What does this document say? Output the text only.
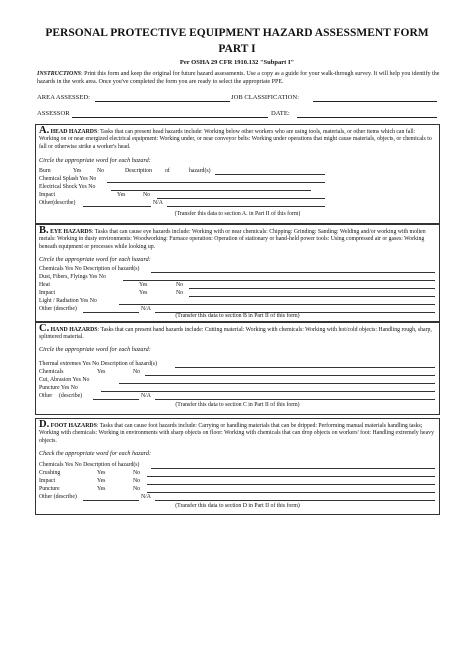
PERSONAL PROTECTIVE EQUIPMENT HAZARD ASSESSMENT FORM
PART I
Per OSHA 29 CFR 1910.132 "Subpart I"
INSTRUCTIONS: Print this form and keep the original for future hazard assessments. Use a copy as a guide for your walk-through survey. It will help you identify the hazards in the work area. Once you've completed the form you are ready to select the appropriate PPE.
AREA ASSESSED:	JOB CLASSIFICATION:
ASSESSOR	DATE:
A. HEAD HAZARDS: Tasks that can present head hazards include: Working below other workers who are using tools, materials, or other items which can fall: Working on or near energized electrical equipment: Working under, or near conveyor belts: Working under operations that might cause materials, objects, or chemicals to fall or otherwise strike a worker's head.
Circle the appropriate word for each hazard:
Burn	Yes	No	Description of	hazard(s)
Chemical Splash Yes No
Electrical Shock Yes No
Impact	Yes	No
Other(describe)	N/A
(Transfer this data to section A. in Part II of this form)
B. EYE HAZARDS: Tasks that can cause eye hazards include: Working with or near chemicals: Chipping: Grinding: Sanding: Welding and/or working with molten metals: Working in dusty environments: Woodworking: Furnace operation: Operation of stationary or hand-held power tools: Using compressed air or gases: Working beneath equipment or processes while looking up.
Circle the appropriate word for each hazard:
Chemicals Yes No Description of hazard(s)
Dust, Fibers, Flyings Yes No
Heat	Yes	No
Impact	Yes	No
Light / Radiation Yes No
Other (describe)	N/A
(Transfer this data to section B in Part II of this form)
C. HAND HAZARDS: Tasks that can present hand hazards include: Cutting material: Working with chemicals: Working with hot/cold objects: Handling rough, sharp, splintered material.
Circle the appropriate word for each hazard:
Thermal extremes Yes No Description of hazard(s)
Chemicals	Yes	No
Cut, Abrasion Yes No
Puncture Yes No
Other (describe)	N/A
(Transfer this data to section C in Part II of this form)
D. FOOT HAZARDS: Tasks that can cause foot hazards include: Carrying or handling materials that can be dripped: Performing manual materials handling tasks; Working with chemicals: Working in environments with sharp objects on floor: Working with chemicals that can drop objects on workers' foot: Handling extremely heavy objects.
Check the appropriate word for each hazard:
Chemicals Yes No Description of hazard(s)
Crushing	Yes	No
Impact	Yes	No
Puncture	Yes	No
Other (describe)	N/A
(Transfer this data to section D in Part II of this form)
